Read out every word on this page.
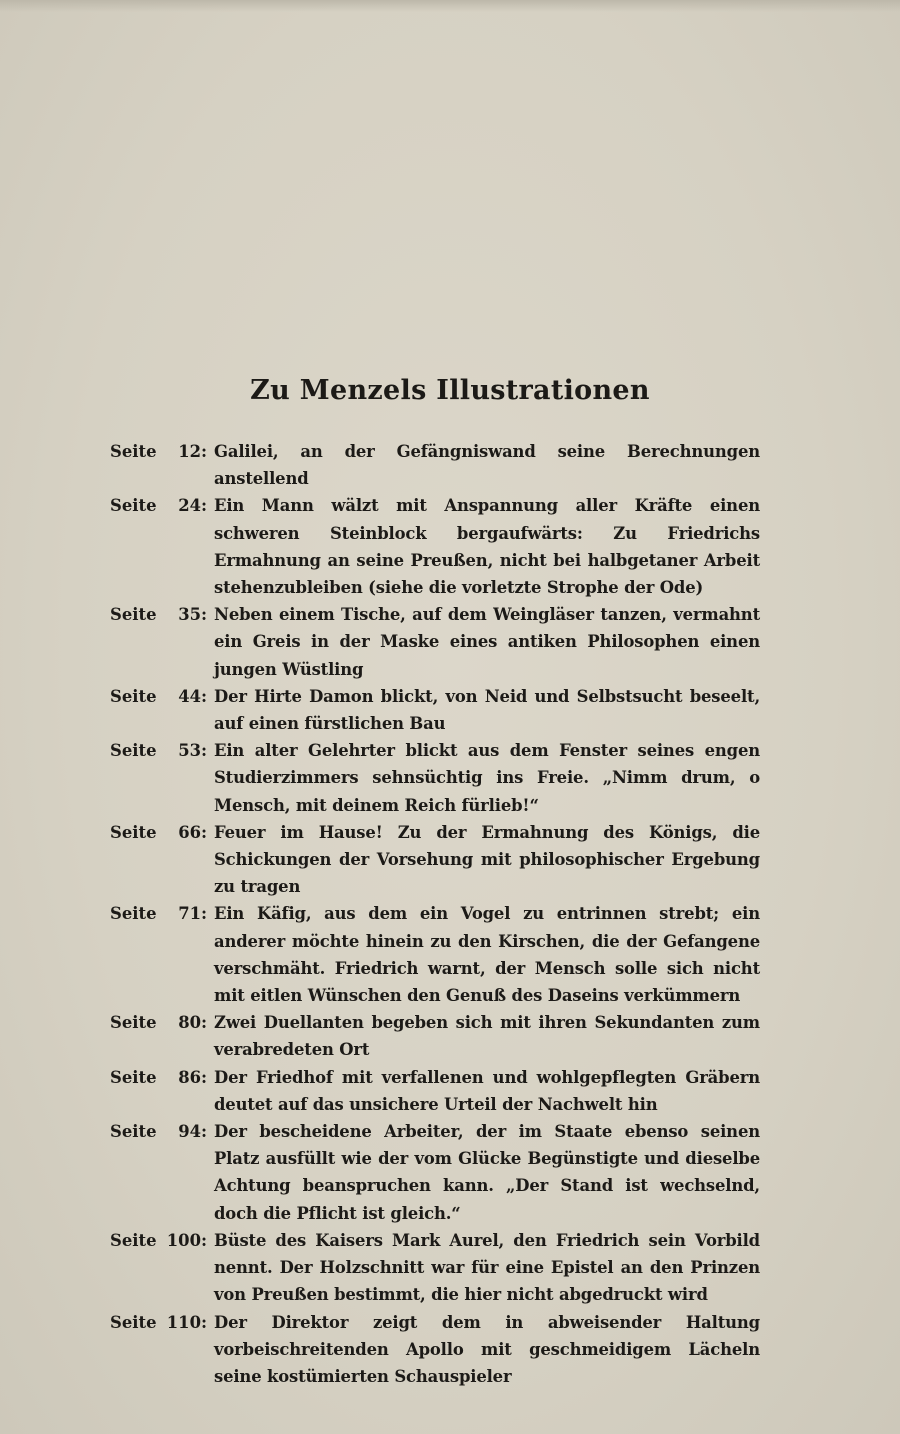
Zu Menzels Illustrationen
Seite	12 : Galilei, an der Gefängniswand seine Berechnungen anstellend
Seite	24 : Ein Mann wälzt mit Anspannung aller Kräfte einen schweren Steinblock bergaufwärts: Zu Friedrichs Ermahnung an seine Preußen, nicht bei halbgetaner Arbeit stehenzubleiben (siehe die vorletzte Strophe der Ode)
Seite	35 : Neben einem Tische, auf dem Weingläser tanzen, vermahnt ein Greis in der Maske eines antiken Philosophen einen jungen Wüstling
Seite	44 : Der Hirte Damon blickt, von Neid und Selbstsucht beseelt, auf einen fürstlichen Bau
Seite	53 : Ein alter Gelehrter blickt aus dem Fenster seines engen Studierzimmers sehnsüchtig ins Freie. „Nimm drum, o Mensch, mit deinem Reich fürlieb!“
Seite	66 : Feuer im Hause! Zu der Ermahnung des Königs, die Schickungen der Vorsehung mit philosophischer Ergebung zu tragen
Seite	71 : Ein Käfig, aus dem ein Vogel zu entrinnen strebt; ein anderer möchte hinein zu den Kirschen, die der Gefangene verschmäht. Friedrich warnt, der Mensch solle sich nicht mit eitlen Wünschen den Genuß des Daseins verkümmern
Seite	80 : Zwei Duellanten begeben sich mit ihren Sekundanten zum verabredeten Ort
Seite	86 : Der Friedhof mit verfallenen und wohlgepflegten Gräbern deutet auf das unsichere Urteil der Nachwelt hin
Seite	94 : Der bescheidene Arbeiter, der im Staate ebenso seinen Platz ausfüllt wie der vom Glücke Begünstigte und dieselbe Achtung beanspruchen kann. „Der Stand ist wechselnd, doch die Pflicht ist gleich.“
Seite 100 : Büste des Kaisers Mark Aurel, den Friedrich sein Vorbild nennt. Der Holzschnitt war für eine Epistel an den Prinzen von Preußen bestimmt, die hier nicht abgedruckt wird
Seite 110 : Der Direktor zeigt dem in abweisender Haltung vorbeischreitenden Apollo mit geschmeidigem Lächeln seine kostümierten Schauspieler
